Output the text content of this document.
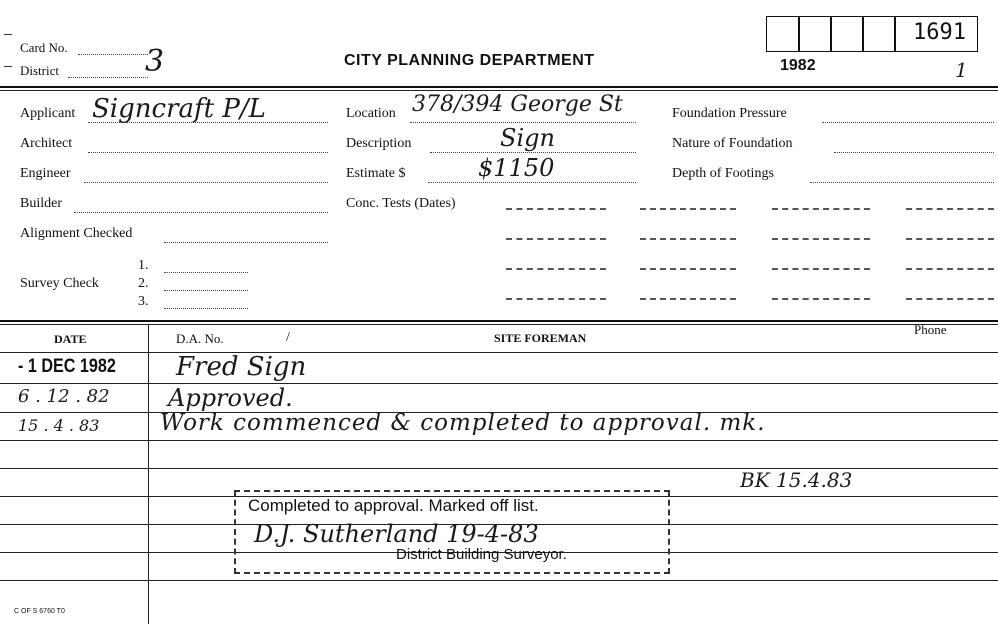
Card No.	3
District
CITY PLANNING DEPARTMENT
1691
1982	1
Applicant Signcraft P/L
Architect
Engineer
Builder
Alignment Checked
Survey Check
1.
2.
3.
Location 378/394 George St
Description	Sign
Estimate $	$1150
Conc. Tests (Dates)
Foundation Pressure
Nature of Foundation
Depth of Footings
DATE	D.A. No.	/	SITE FOREMAN
Phone
- 1 DEC 1982 Fred Sign
6 . 12 . 82 Approved.
15 . 4 . 83	Work commenced & completed to approval. mk.
BK 15.4.83
Completed to approval. Marked off list.
D.J. Sutherland 19-4-83
District Building Surveyor.
C OF S 6760 T0
